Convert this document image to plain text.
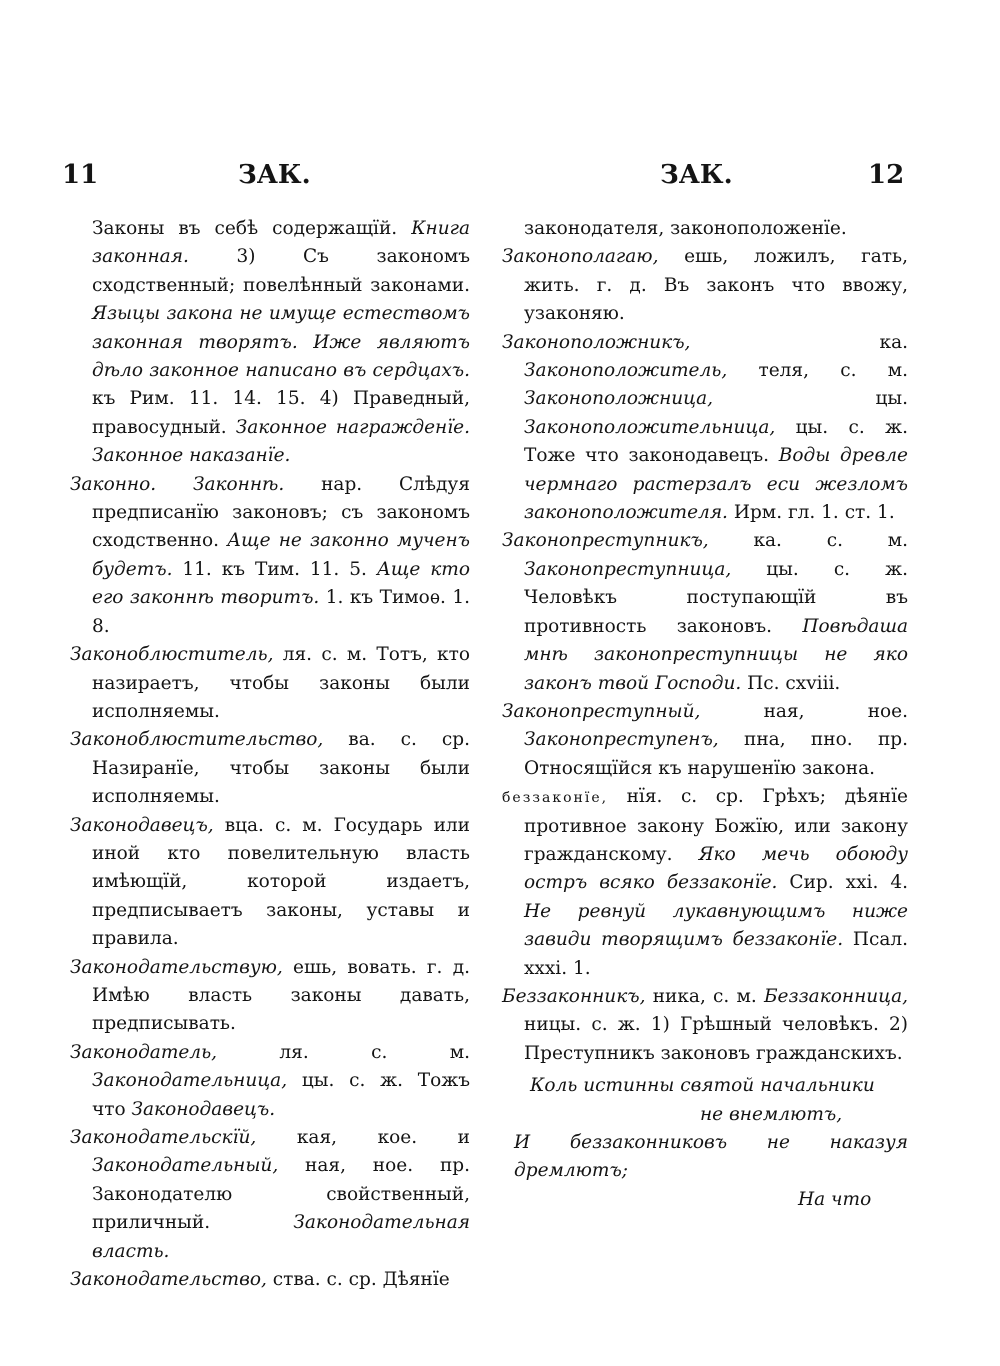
11	ЗАК.	ЗАК.	12

Законы въ себѣ содержащїй. Книга законная. 3) Съ закономъ сходственный; повелѣнный законами. Языцы закона не имуще естествомъ законная творятъ. Иже являютъ дѣло законное написано въ сердцахъ. къ Рим. 11. 14. 15. 4) Праведный, правосудный. Законное награжденїе. Законное наказанїе.

Законно. Законнѣ. нар. Слѣдуя предписанїю законовъ; съ закономъ сходственно. Аще не законно мученъ будетъ. 11. къ Тим. 11. 5. Аще кто его законнѣ творитъ. 1. къ Тимоѳ. 1. 8.

Законоблюститель, ля. с. м. Тотъ, кто назираетъ, чтобы законы были исполняемы.

Законоблюстительство, ва. с. ср. Назиранїе, чтобы законы были исполняемы.

Законодавецъ, вца. с. м. Государь или иной кто повелительную власть имѣющїй, которой издаетъ, предписываетъ законы, уставы и правила.

Законодательствую, ешь, вовать. г. д. Имѣю власть законы давать, предписывать.

Законодатель, ля. с. м. Законодательница, цы. с. ж. Тожъ что Законодавецъ.

Законодательскїй, кая, кое. и Законодательный, ная, ное. пр. Законодателю свойственный, приличный. Законодательная власть.

Законодательство, ства. с. ср. Дѣянїе

законодателя, законоположенїе.

Законополагаю, ешь, ложилъ, гать, жить. г. д. Въ законъ что ввожу, узаконяю.

Законоположникъ, ка. Законоположитель, теля, с. м. Законоположница, цы. Законоположительница, цы. с. ж. Тоже что законодавецъ. Воды древле чермнаго растерзалъ еси жезломъ законоположителя. Ирм. гл. 1. ст. 1.

Законопреступникъ, ка. с. м. Законопреступница, цы. с. ж. Человѣкъ поступающїй въ противность законовъ. Повѣдаша мнѣ законопреступницы не яко законъ твой Господи. Пс. cxviii.

Законопреступный, ная, ное. Законопреступенъ, пна, пно. пр. Относящїйся къ нарушенїю закона.

беззаконїе, нїя. с. ср. Грѣхъ; дѣянїе противное закону Божїю, или закону гражданскому. Яко мечь обоюду остръ всяко беззаконїе. Сир. xxi. 4. Не ревнуй лукавнующимъ ниже завиди творящимъ беззаконїе. Псал. xxxi. 1.

Беззаконникъ, ника, с. м. Беззаконница, ницы. с. ж. 1) Грѣшный человѣкъ. 2) Преступникъ законовъ гражданскихъ.

Коль истинны святой начальники

не внемлютъ,

И беззаконниковъ не наказуя дремлютъ;

На что
